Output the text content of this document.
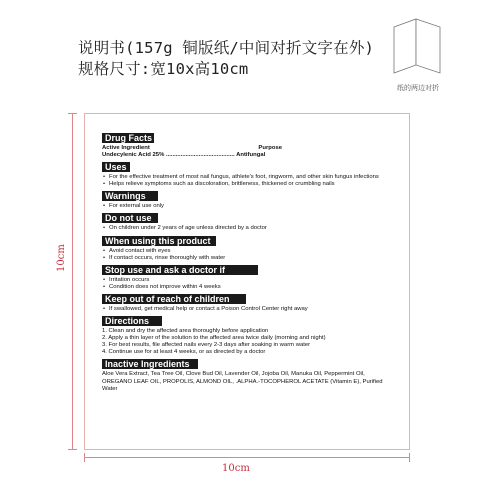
说明书(157g 铜版纸/中间对折文字在外)
规格尺寸:宽10x高10cm
纸的两边对折
10cm
10cm
Drug Facts
Active Ingredient	Purpose
Undecylenic Acid 25% .......................................... Antifungal
Uses
• For the effective treatment of most nail fungus, athlete's foot, ringworm, and other skin fungus infections
• Helps relieve symptoms such as discoloration, brittleness, thickened or crumbling nails
Warnings
• For external use only
Do not use
• On children under 2 years of age unless directed by a doctor
When using this product
• Avoid contact with eyes
• If contact occurs, rinse thoroughly with water
Stop use and ask a doctor if
• Irritation occurs
• Condition does not improve within 4 weeks
Keep out of reach of children
• If swallowed, get medical help or contact a Poison Control Center right away
Directions
1. Clean and dry the affected area thoroughly before application
2. Apply a thin layer of the solution to the affected area twice daily (morning and night)
3. For best results, file affected nails every 2-3 days after soaking in warm water
4. Continue use for at least 4 weeks, or as directed by a doctor
Inactive Ingredients
Aloe Vera Extract, Tea Tree Oil, Clove Bud Oil, Lavender Oil, Jojoba Oil, Manuka Oil, Peppermint Oil, OREGANO LEAF OIL, PROPOLIS, ALMOND OIL, .ALPHA.-TOCOPHEROL ACETATE (Vitamin E), Purified Water
